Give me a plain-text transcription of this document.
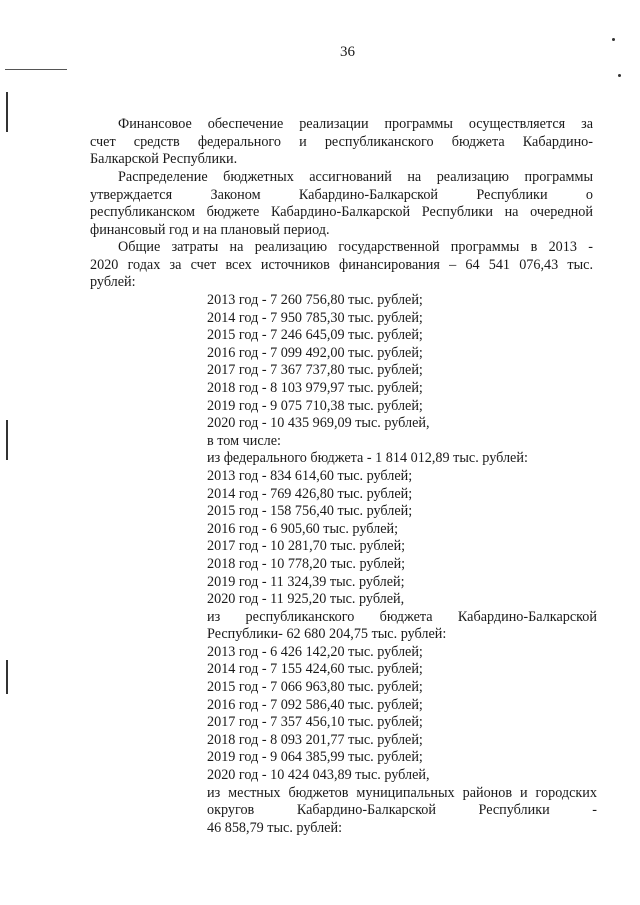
36

Финансовое обеспечение реализации программы осуществляется за
счет средств федерального и республиканского бюджета Кабардино-
Балкарской Республики.

Распределение бюджетных ассигнований на реализацию программы
утверждается Законом Кабардино-Балкарской Республики о
республиканском бюджете Кабардино-Балкарской Республики на очередной
финансовый год и на плановый период.

Общие затраты на реализацию государственной программы в 2013 -
2020 годах за счет всех источников финансирования – 64 541 076,43 тыс.
рублей:

2013 год - 7 260 756,80 тыс. рублей;
2014 год - 7 950 785,30 тыс. рублей;
2015 год - 7 246 645,09 тыс. рублей;
2016 год - 7 099 492,00 тыс. рублей;
2017 год - 7 367 737,80 тыс. рублей;
2018 год - 8 103 979,97 тыс. рублей;
2019 год - 9 075 710,38 тыс. рублей;
2020 год - 10 435 969,09 тыс. рублей,
в том числе:
из федерального бюджета - 1 814 012,89 тыс. рублей:
2013 год - 834 614,60 тыс. рублей;
2014 год - 769 426,80 тыс. рублей;
2015 год - 158 756,40 тыс. рублей;
2016 год - 6 905,60 тыс. рублей;
2017 год - 10 281,70 тыс. рублей;
2018 год - 10 778,20 тыс. рублей;
2019 год - 11 324,39 тыс. рублей;
2020 год - 11 925,20 тыс. рублей,
из республиканского бюджета Кабардино-Балкарской
Республики- 62 680 204,75 тыс. рублей:
2013 год - 6 426 142,20 тыс. рублей;
2014 год - 7 155 424,60 тыс. рублей;
2015 год - 7 066 963,80 тыс. рублей;
2016 год - 7 092 586,40 тыс. рублей;
2017 год - 7 357 456,10 тыс. рублей;
2018 год - 8 093 201,77 тыс. рублей;
2019 год - 9 064 385,99 тыс. рублей;
2020 год - 10 424 043,89 тыс. рублей,
из местных бюджетов муниципальных районов и городских
округов Кабардино-Балкарской Республики -
46 858,79 тыс. рублей:
